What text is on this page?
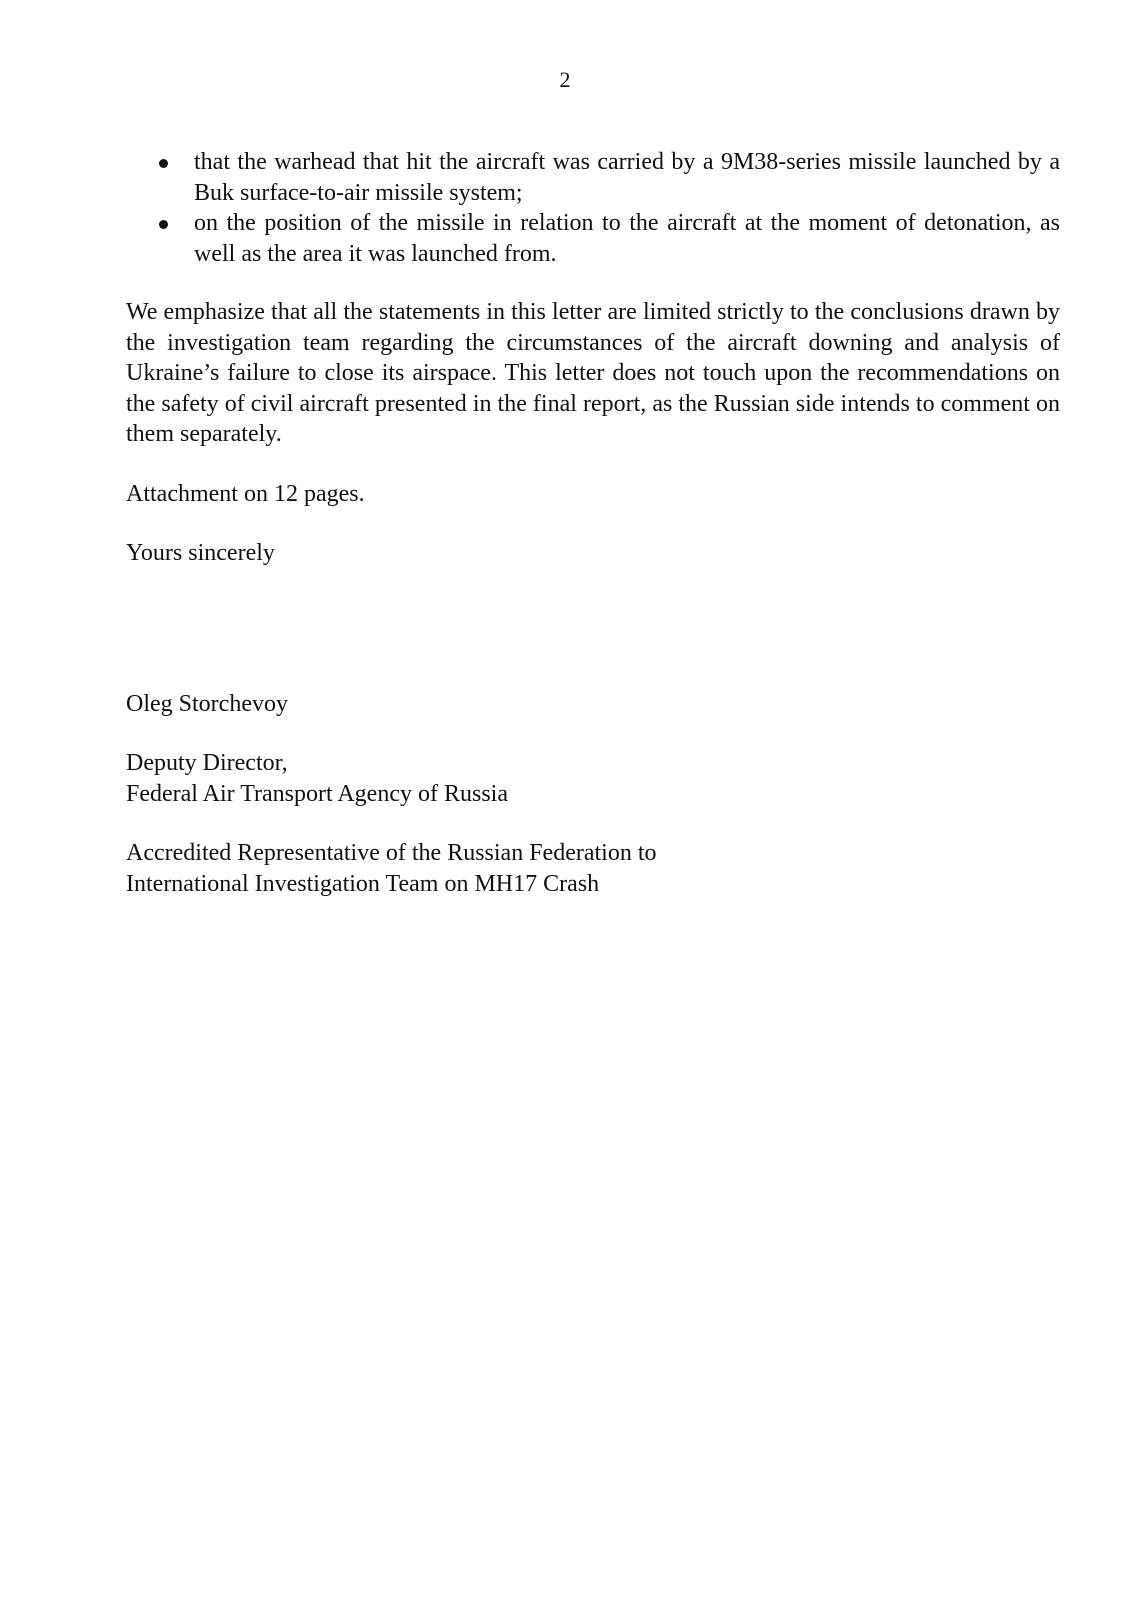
2
that the warhead that hit the aircraft was carried by a 9M38-series missile launched by a Buk surface-to-air missile system;
on the position of the missile in relation to the aircraft at the moment of detonation, as well as the area it was launched from.

We emphasize that all the statements in this letter are limited strictly to the conclusions drawn by the investigation team regarding the circumstances of the aircraft downing and analysis of Ukraine’s failure to close its airspace. This letter does not touch upon the recommendations on the safety of civil aircraft presented in the final report, as the Russian side intends to comment on them separately.

Attachment on 12 pages.

Yours sincerely

Oleg Storchevoy

Deputy Director,
Federal Air Transport Agency of Russia

Accredited Representative of the Russian Federation to
International Investigation Team on MH17 Crash
